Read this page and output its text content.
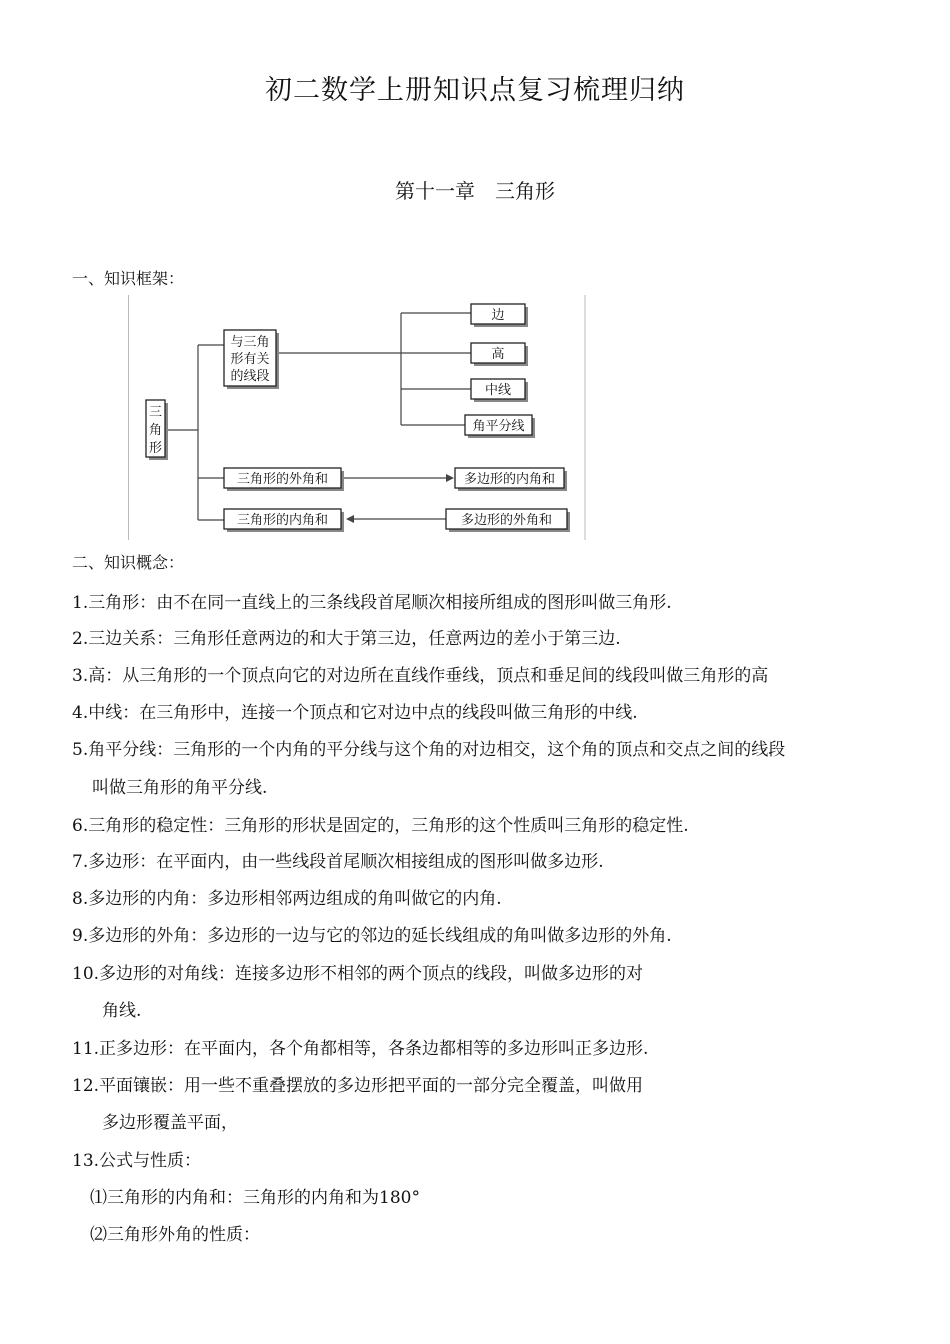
初二数学上册知识点复习梳理归纳
第十一章　三角形
一、知识框架：
三
角
形
与三角
形有关
的线段
边
高
中线
角平分线
三角形的外角和
三角形的内角和
多边形的内角和
多边形的外角和
二、知识概念：
1.三角形：由不在同一直线上的三条线段首尾顺次相接所组成的图形叫做三角形.
2.三边关系：三角形任意两边的和大于第三边，任意两边的差小于第三边.
3.高：从三角形的一个顶点向它的对边所在直线作垂线，顶点和垂足间的线段叫做三角形的高
4.中线：在三角形中，连接一个顶点和它对边中点的线段叫做三角形的中线.
5.角平分线：三角形的一个内角的平分线与这个角的对边相交，这个角的顶点和交点之间的线段
叫做三角形的角平分线.
6.三角形的稳定性：三角形的形状是固定的，三角形的这个性质叫三角形的稳定性.
7.多边形：在平面内，由一些线段首尾顺次相接组成的图形叫做多边形.
8.多边形的内角：多边形相邻两边组成的角叫做它的内角.
9.多边形的外角：多边形的一边与它的邻边的延长线组成的角叫做多边形的外角.
10.多边形的对角线：连接多边形不相邻的两个顶点的线段，叫做多边形的对
角线.
11.正多边形：在平面内，各个角都相等，各条边都相等的多边形叫正多边形.
12.平面镶嵌：用一些不重叠摆放的多边形把平面的一部分完全覆盖，叫做用
多边形覆盖平面，
13.公式与性质：
⑴三角形的内角和：三角形的内角和为180°
⑵三角形外角的性质：
